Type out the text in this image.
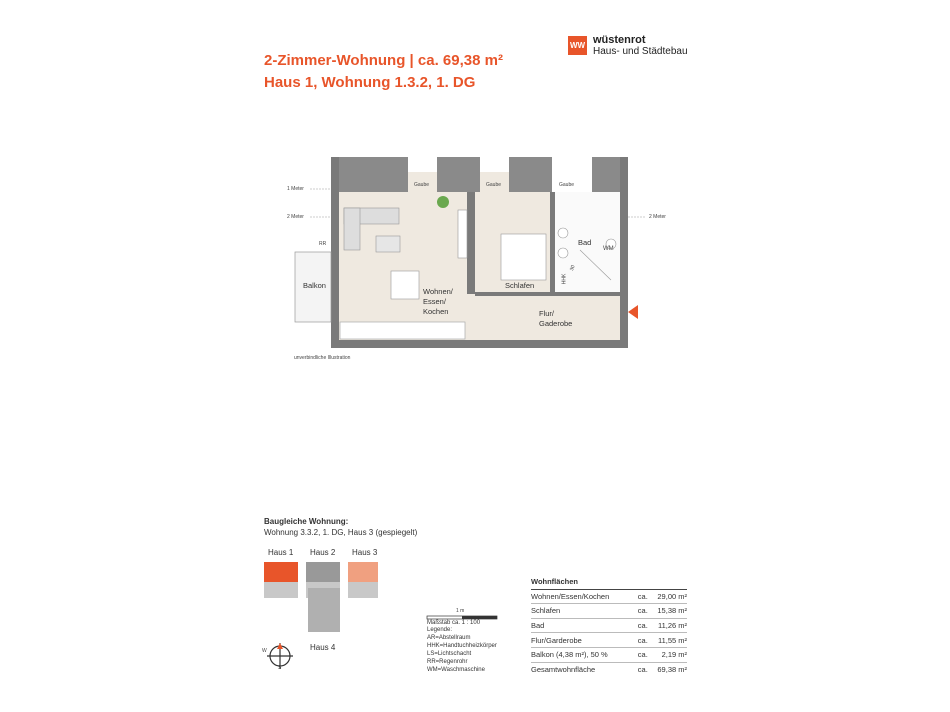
2-Zimmer-Wohnung | ca. 69,38 m²
Haus 1, Wohnung 1.3.2, 1. DG
WW wüstenrot
Haus- und Städtebau
1 Meter
2 Meter	2 Meter
RR
HHK
30
Gaube	Gaube	Gaube
Bad
WM
Balkon	Schlafen
Wohnen/
Essen/
Kochen	Flur/
Gaderobe
unverbindliche Illustration
Baugleiche Wohnung:
Wohnung 3.3.2, 1. DG, Haus 3 (gespiegelt)
Haus 1 Haus 2 Haus 3
Haus 4
W
S
1 m
Maßstab ca. 1 : 100
Legende:
AR=Abstellraum
HHK=Handtuchheizkörper
LS=Lichtschacht
RR=Regenrohr
WM=Waschmaschine
Wohnflächen		
Wohnen/Essen/Kochen	ca.	29,00 m²
Schlafen	ca.	15,38 m²
Bad	ca.	11,26 m²
Flur/Garderobe	ca.	11,55 m²
Balkon (4,38 m²), 50 %	ca.	2,19 m²
Gesamtwohnfläche	ca.	69,38 m²
